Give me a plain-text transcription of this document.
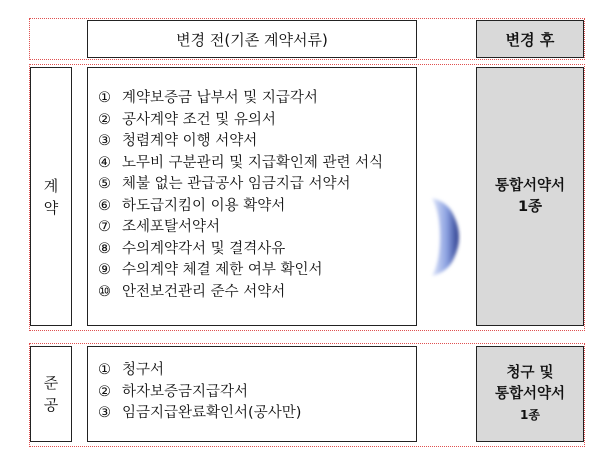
변경 전(기존 계약서류)	변경 후
계
약
① 계약보증금 납부서 및 지급각서
② 공사계약 조건 및 유의서
③ 청렴계약 이행 서약서
④ 노무비 구분관리 및 지급확인제 관련 서식
⑤ 체불 없는 관급공사 임금지급 서약서
⑥ 하도급지킴이 이용 확약서
⑦ 조세포탈서약서
⑧ 수의계약각서 및 결격사유
⑨ 수의계약 체결 제한 여부 확인서
⑩ 안전보건관리 준수 서약서
통합서약서
1종
준
공
① 청구서
② 하자보증금지급각서
③ 임금지급완료확인서(공사만)
청구 및
통합서약서
1종
